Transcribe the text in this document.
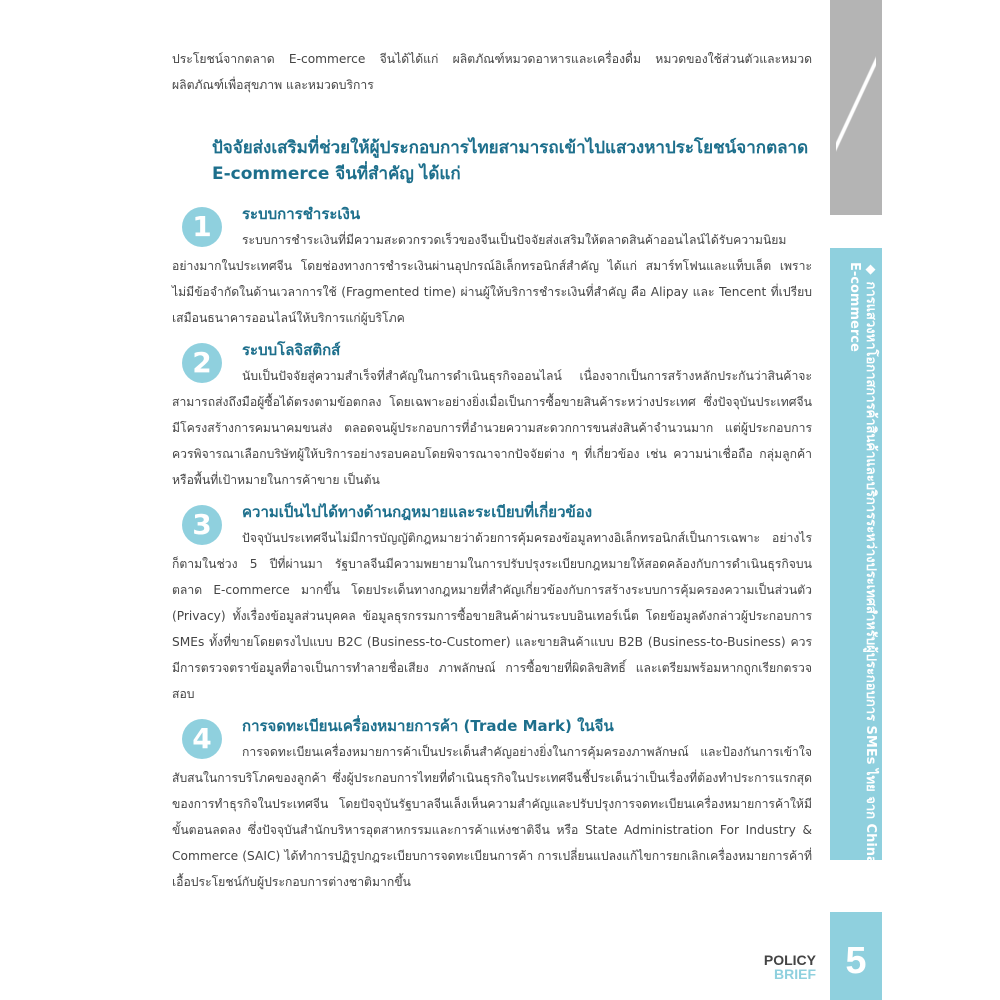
◆ การแสวงหาโอกาสการค้าสินค้าและบริการระหว่างประเทศสำหรับผู้ประกอบการ SMEs ไทย จาก China
E-commerce
5
POLICY
BRIEF

ประโยชน์จากตลาด E-commerce จีนได้ได้แก่ ผลิตภัณฑ์หมวดอาหารและเครื่องดื่ม หมวดของใช้ส่วนตัวและหมวดผลิตภัณฑ์เพื่อสุขภาพ และหมวดบริการ

ปัจจัยส่งเสริมที่ช่วยให้ผู้ประกอบการไทยสามารถเข้าไปแสวงหาประโยชน์จากตลาด E-commerce จีนที่สำคัญ ได้แก่
1	ระบบการชำระเงิน

ระบบการชำระเงินที่มีความสะดวกรวดเร็วของจีนเป็นปัจจัยส่งเสริมให้ตลาดสินค้าออนไลน์ได้รับความนิยมอย่างมากในประเทศจีน โดยช่องทางการชำระเงินผ่านอุปกรณ์อิเล็กทรอนิกส์สำคัญ ได้แก่ สมาร์ทโฟนและแท็บเล็ต เพราะไม่มีข้อจำกัดในด้านเวลาการใช้ (Fragmented time) ผ่านผู้ให้บริการชำระเงินที่สำคัญ คือ Alipay และ Tencent ที่เปรียบเสมือนธนาคารออนไลน์ให้บริการแก่ผู้บริโภค

2	ระบบโลจิสติกส์

นับเป็นปัจจัยสู่ความสำเร็จที่สำคัญในการดำเนินธุรกิจออนไลน์ เนื่องจากเป็นการสร้างหลักประกันว่าสินค้าจะสามารถส่งถึงมือผู้ซื้อได้ตรงตามข้อตกลง โดยเฉพาะอย่างยิ่งเมื่อเป็นการซื้อขายสินค้าระหว่างประเทศ ซึ่งปัจจุบันประเทศจีนมีโครงสร้างการคมนาคมขนส่ง ตลอดจนผู้ประกอบการที่อำนวยความสะดวกการขนส่งสินค้าจำนวนมาก แต่ผู้ประกอบการควรพิจารณาเลือกบริษัทผู้ให้บริการอย่างรอบคอบโดยพิจารณาจากปัจจัยต่าง ๆ ที่เกี่ยวข้อง เช่น ความน่าเชื่อถือ กลุ่มลูกค้าหรือพื้นที่เป้าหมายในการค้าขาย เป็นต้น

3	ความเป็นไปได้ทางด้านกฎหมายและระเบียบที่เกี่ยวข้อง

ปัจจุบันประเทศจีนไม่มีการบัญญัติกฎหมายว่าด้วยการคุ้มครองข้อมูลทางอิเล็กทรอนิกส์เป็นการเฉพาะ อย่างไรก็ตามในช่วง 5 ปีที่ผ่านมา รัฐบาลจีนมีความพยายามในการปรับปรุงระเบียบกฎหมายให้สอดคล้องกับการดำเนินธุรกิจบนตลาด E-commerce มากขึ้น โดยประเด็นทางกฎหมายที่สำคัญเกี่ยวข้องกับการสร้างระบบการคุ้มครองความเป็นส่วนตัว (Privacy) ทั้งเรื่องข้อมูลส่วนบุคคล ข้อมูลธุรกรรมการซื้อขายสินค้าผ่านระบบอินเทอร์เน็ต โดยข้อมูลดังกล่าวผู้ประกอบการ SMEs ทั้งที่ขายโดยตรงไปแบบ B2C (Business-to-Customer) และขายสินค้าแบบ B2B (Business-to-Business) ควรมีการตรวจตราข้อมูลที่อาจเป็นการทำลายชื่อเสียง ภาพลักษณ์ การซื้อขายที่ผิดลิขสิทธิ์ และเตรียมพร้อมหากถูกเรียกตรวจสอบ

4	การจดทะเบียนเครื่องหมายการค้า (Trade Mark) ในจีน

การจดทะเบียนเครื่องหมายการค้าเป็นประเด็นสำคัญอย่างยิ่งในการคุ้มครองภาพลักษณ์ และป้องกันการเข้าใจสับสนในการบริโภคของลูกค้า ซึ่งผู้ประกอบการไทยที่ดำเนินธุรกิจในประเทศจีนชี้ประเด็นว่าเป็นเรื่องที่ต้องทำประการแรกสุดของการทำธุรกิจในประเทศจีน โดยปัจจุบันรัฐบาลจีนเล็งเห็นความสำคัญและปรับปรุงการจดทะเบียนเครื่องหมายการค้าให้มีขั้นตอนลดลง ซึ่งปัจจุบันสำนักบริหารอุตสาหกรรมและการค้าแห่งชาติจีน หรือ State Administration For Industry & Commerce (SAIC) ได้ทำการปฏิรูปกฎระเบียบการจดทะเบียนการค้า การเปลี่ยนแปลงแก้ไขการยกเลิกเครื่องหมายการค้าที่เอื้อประโยชน์กับผู้ประกอบการต่างชาติมากขึ้น
